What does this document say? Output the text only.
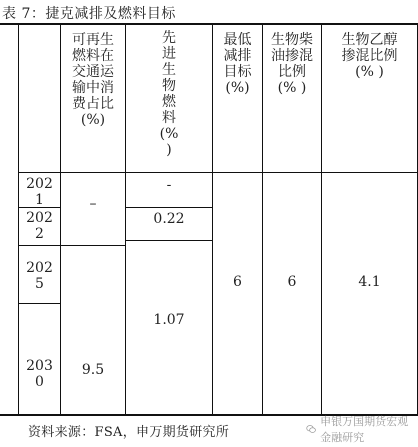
表 7：捷克减排及燃料目标
可再生
燃料在
交通运
输中消
费占比
(%)
先
进
生
物
燃
料
(%
)
最低
减排
目标
(%)
生物柴
油掺混
比例
(% )
生物乙醇
掺混比例
(% )
202
1
202
2
202
5
203
0
–
9.5
-
0.22
1.07
6	6	4.1
资料来源：FSA，申万期货研究所
申银万国期货宏观金融研究
